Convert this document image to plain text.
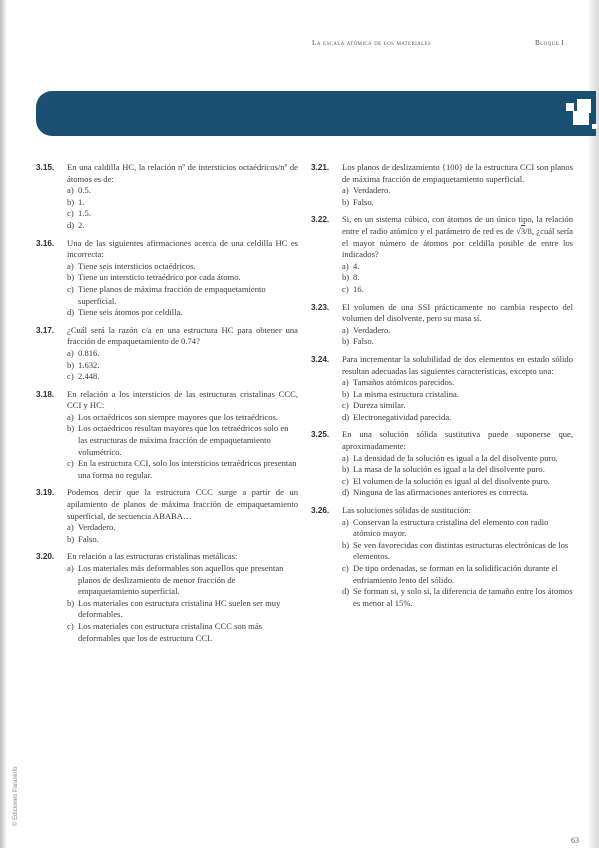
La escala atómica de los materiales	Bloque I
3.15. En una caldilla HC, la relación nº de intersticios octaédricos/nº de átomos es de:
a) 0.5.
b) 1.
c) 1.5.
d) 2.
3.16. Una de las siguientes afirmaciones acerca de una celdilla HC es incorrecta:
a) Tiene seis intersticios octaédricos.
b) Tiene un intersticio tetraédrico por cada átomo.
c) Tiene planos de máxima fracción de empaquetamiento superficial.
d) Tiene seis átomos por celdilla.
3.17. ¿Cuál será la razón c/a en una estructura HC para obtener una fracción de empaquetamiento de 0.74?
a) 0.816.
b) 1.632.
c) 2.448.
3.18. En relación a los intersticios de las estructuras cristalinas CCC, CCI y HC:
a) Los octaédricos son siempre mayores que los tetraédricos.
b) Los octaédricos resultan mayores que los tetraédricos solo en las estructuras de máxima fracción de empaquetamiento volumétrico.
c) En la estructura CCI, solo los intersticios tetraédricos presentan una forma no regular.
3.19. Podemos decir que la estructura CCC surge a partir de un apilamiento de planos de máxima fracción de empaquetamiento superficial, de secuencia ABABA…
a) Verdadero.
b) Falso.
3.20. En relación a las estructuras cristalinas metálicas:
a) Los materiales más deformables son aquellos que presentan planos de deslizamiento de menor fracción de empaquetamiento superficial.
b) Los materiales con estructura cristalina HC suelen ser muy deformables.
c) Los materiales con estructura cristalina CCC son más deformables que los de estructura CCI.
3.21. Los planos de deslizamiento {100} de la estructura CCI son planos de máxima fracción de empaquetamiento superficial.
a) Verdadero.
b) Falso.
3.22. Si, en un sistema cúbico, con átomos de un único tipo, la relación entre el radio atómico y el parámetro de red es de √3/8, ¿cuál sería el mayor número de átomos por celdilla posible de entre los indicados?
a) 4.
b) 8.
c) 16.
3.23. El volumen de una SSI prácticamente no cambia respecto del volumen del disolvente, pero su masa sí.
a) Verdadero.
b) Falso.
3.24. Para incrementar la solubilidad de dos elementos en estado sólido resultan adecuadas las siguientes características, excepto una:
a) Tamaños atómicos parecidos.
b) La misma estructura cristalina.
c) Dureza similar.
d) Electronegatividad parecida.
3.25. En una solución sólida sustitutiva puede suponerse que, aproximadamente:
a) La densidad de la solución es igual a la del disolvente puro.
b) La masa de la solución es igual a la del disolvente puro.
c) El volumen de la solución es igual al del disolvente puro.
d) Ninguna de las afirmaciones anteriores es correcta.
3.26. Las soluciones sólidas de sustitución:
a) Conservan la estructura cristalina del elemento con radio atómico mayor.
b) Se ven favorecidas con distintas estructuras electrónicas de los elementos.
c) De tipo ordenadas, se forman en la solidificación durante el enfriamiento lento del sólido.
d) Se forman si, y solo si, la diferencia de tamaño entre los átomos es menor al 15%.
© Ediciones Paraninfo
63
